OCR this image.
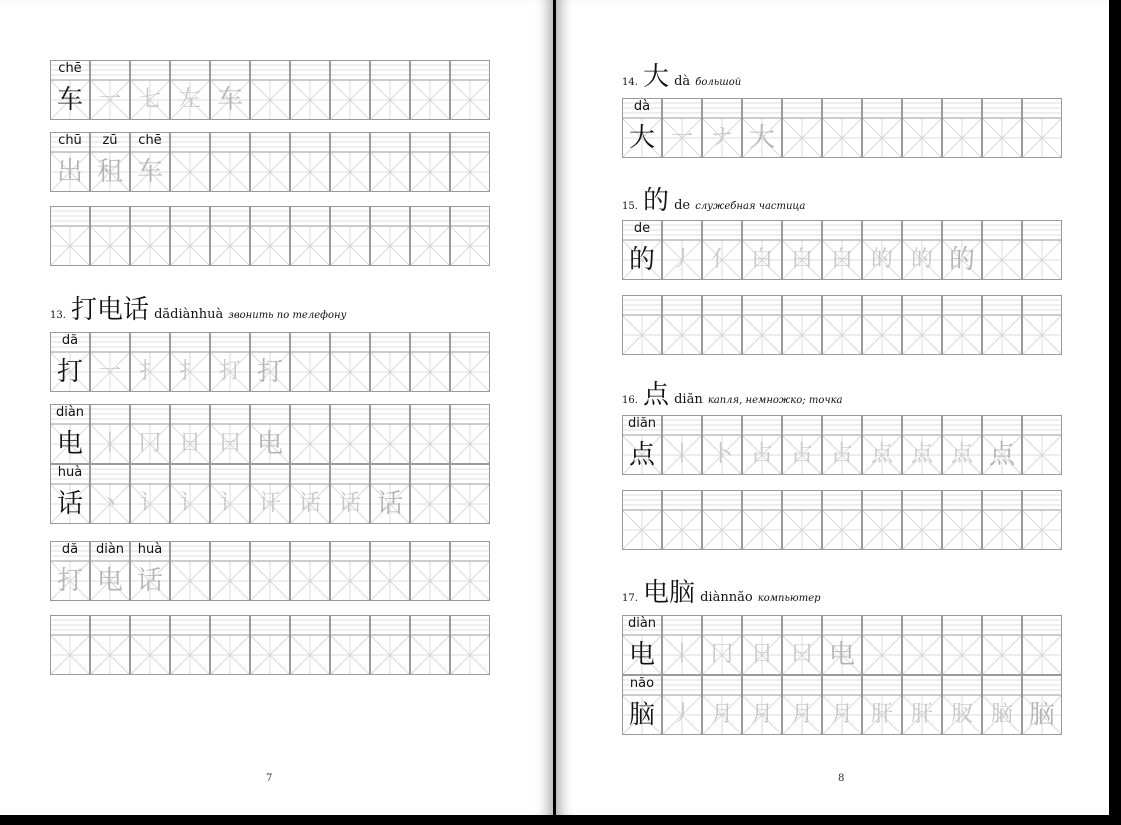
13. 打电话 dădiànhuà звонить по телефону
7
chē
车 一 七 左 车
chū
出
zū
租
chē
车
dă
打 一 扌 扌 打 打
diàn
电 丨 冂 日 曰 电
huà
话 丶 讠 讠 讠 讦 话 话 话
dă
打
diàn
电
huà
话
14. 大 dà большой
15. 的 de служебная частица
16. 点 diăn капля, немножко; точка
17. 电脑 diànnăo компьютер
8
dà
大 一 ナ 大
de
的 丿 亻 白 白 白 的 的 的
diăn
点 丨 卜 占 占 占 点 点 点 点
diàn
电 丨 冂 日 曰 电
năo
脑 丿 月 月 月 月 肝 肝 肞 脑 脑
